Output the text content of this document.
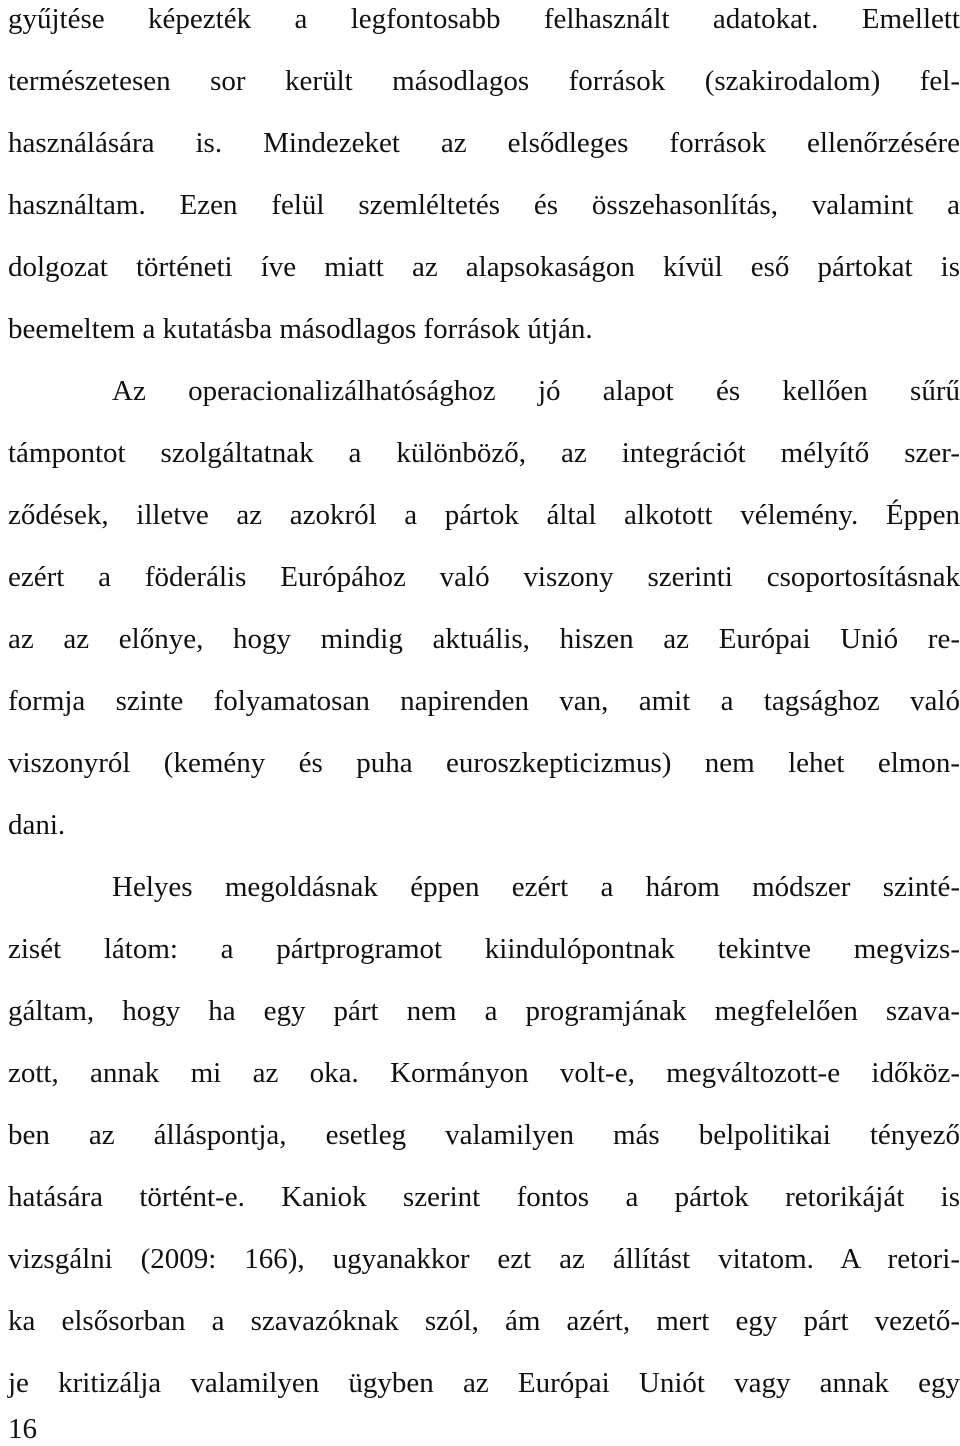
gyűjtése képezték a legfontosabb felhasznált adatokat. Emellett
természetesen sor került másodlagos források (szakirodalom) fel-
használására is. Mindezeket az elsődleges források ellenőrzésére
használtam. Ezen felül szemléltetés és összehasonlítás, valamint a
dolgozat történeti íve miatt az alapsokaságon kívül eső pártokat is
beemeltem a kutatásba másodlagos források útján.

Az operacionalizálhatósághoz jó alapot és kellően sűrű
támpontot szolgáltatnak a különböző, az integrációt mélyítő szer-
ződések, illetve az azokról a pártok által alkotott vélemény. Éppen
ezért a föderális Európához való viszony szerinti csoportosításnak
az az előnye, hogy mindig aktuális, hiszen az Európai Unió re-
formja szinte folyamatosan napirenden van, amit a tagsághoz való
viszonyról (kemény és puha euroszkepticizmus) nem lehet elmon-
dani.

Helyes megoldásnak éppen ezért a három módszer szinté-
zisét látom: a pártprogramot kiindulópontnak tekintve megvizs-
gáltam, hogy ha egy párt nem a programjának megfelelően szava-
zott, annak mi az oka. Kormányon volt-e, megváltozott-e időköz-
ben az álláspontja, esetleg valamilyen más belpolitikai tényező
hatására történt-e. Kaniok szerint fontos a pártok retorikáját is
vizsgálni (2009: 166), ugyanakkor ezt az állítást vitatom. A retori-
ka elsősorban a szavazóknak szól, ám azért, mert egy párt vezető-
je kritizálja valamilyen ügyben az Európai Uniót vagy annak egy

16
